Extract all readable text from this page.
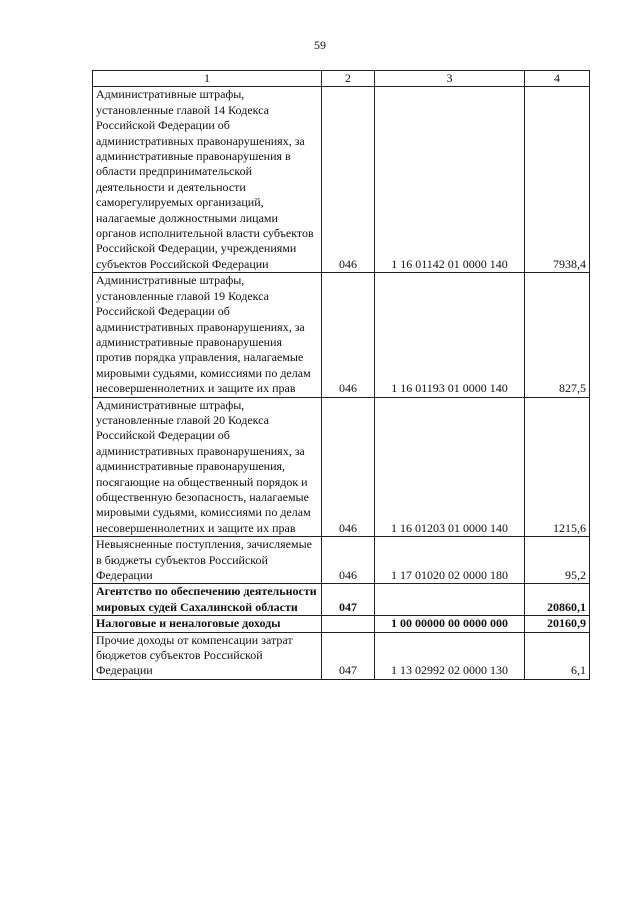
59
1	2	3	4
Административные штрафы, установленные главой 14 Кодекса Российской Федерации об административных правонарушениях, за административные правонарушения в области предпринимательской деятельности и деятельности саморегулируемых организаций, налагаемые должностными лицами органов исполнительной власти субъектов Российской Федерации, учреждениями субъектов Российской Федерации	046	1 16 01142 01 0000 140	7938,4
Административные штрафы, установленные главой 19 Кодекса Российской Федерации об административных правонарушениях, за административные правонарушения против порядка управления, налагаемые мировыми судьями, комиссиями по делам несовершеннолетних и защите их прав	046	1 16 01193 01 0000 140	827,5
Административные штрафы, установленные главой 20 Кодекса Российской Федерации об административных правонарушениях, за административные правонарушения, посягающие на общественный порядок и общественную безопасность, налагаемые мировыми судьями, комиссиями по делам несовершеннолетних и защите их прав	046	1 16 01203 01 0000 140	1215,6
Невыясненные поступления, зачисляемые в бюджеты субъектов Российской Федерации	046	1 17 01020 02 0000 180	95,2
Агентство по обеспечению деятельности мировых судей Сахалинской области	047		20860,1
Налоговые и неналоговые доходы		1 00 00000 00 0000 000	20160,9
Прочие доходы от компенсации затрат бюджетов субъектов Российской Федерации	047	1 13 02992 02 0000 130	6,1
